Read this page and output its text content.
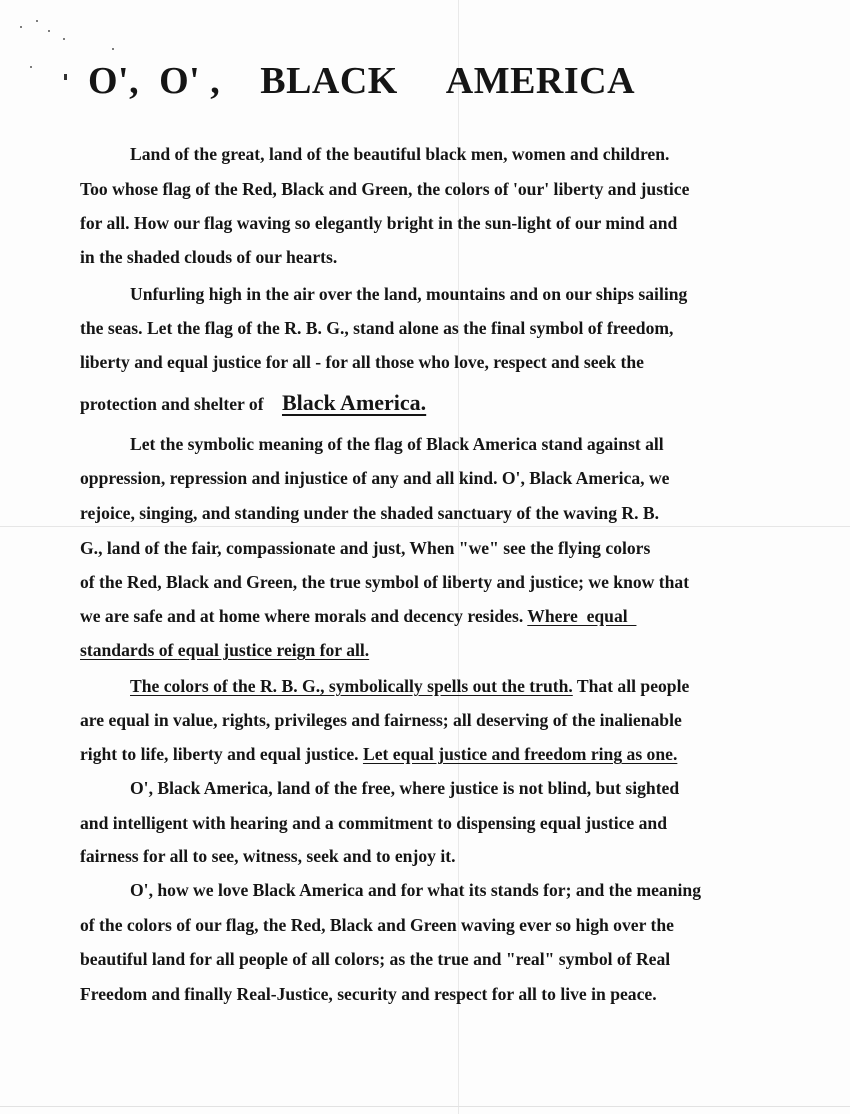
O',  O' ,    BLACK     AMERICA

Land of the great, land of the beautiful black men, women and children.

Too whose flag of the Red, Black and Green, the colors of 'our' liberty and justice

for all. How our flag waving so elegantly bright in the sun-light of our mind and

in the shaded clouds of our hearts.

Unfurling high in the air over the land, mountains and on our ships sailing

the seas. Let the flag of the R. B. G., stand alone as the final symbol of freedom,

liberty and equal justice for all - for all those who love, respect and seek the

protection and shelter of Black America.

Let the symbolic meaning of the flag of Black America stand against all

oppression, repression and injustice of any and all kind. O', Black America, we

rejoice, singing, and standing under the shaded sanctuary of the waving R. B.

G., land of the fair, compassionate and just, When "we" see the flying colors

of the Red, Black and Green, the true symbol of liberty and justice; we know that

we are safe and at home where morals and decency resides. Where  equal

standards of equal justice reign for all.

The colors of the R. B. G., symbolically spells out the truth. That all people

are equal in value, rights, privileges and fairness; all deserving of the inalienable

right to life, liberty and equal justice. Let equal justice and freedom ring as one.

O', Black America, land of the free, where justice is not blind, but sighted

and intelligent with hearing and a commitment to dispensing equal justice and

fairness for all to see, witness, seek and to enjoy it.

O', how we love Black America and for what its stands for; and the meaning

of the colors of our flag, the Red, Black and Green waving ever so high over the

beautiful land for all people of all colors; as the true and "real" symbol of Real

Freedom and finally Real-Justice, security and respect for all to live in peace.
